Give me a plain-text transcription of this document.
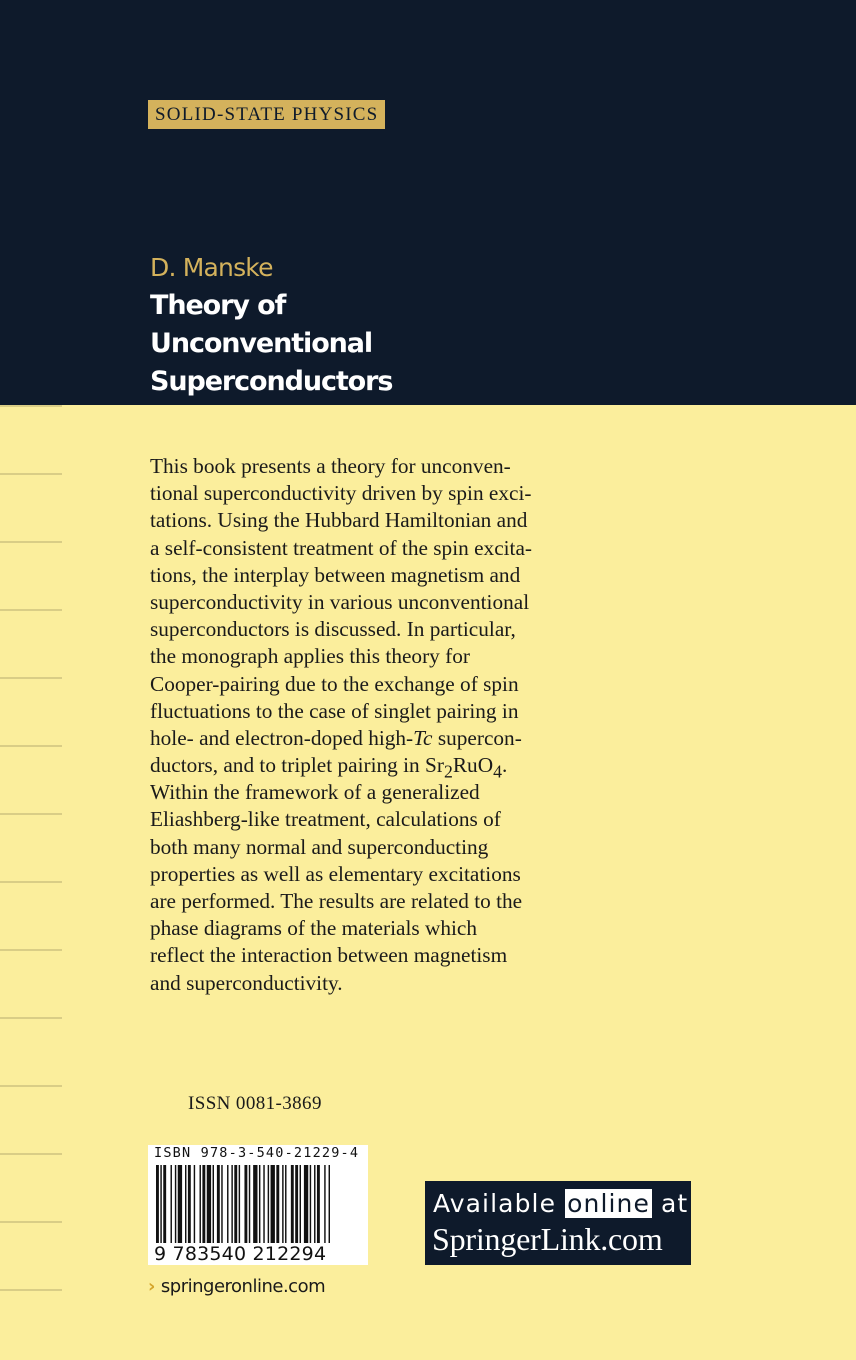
SOLID-STATE PHYSICS
D. Manske
Theory of
Unconventional
Superconductors
This book presents a theory for unconven-
tional superconductivity driven by spin exci-
tations. Using the Hubbard Hamiltonian and
a self-consistent treatment of the spin excita-
tions, the interplay between magnetism and
superconductivity in various unconventional
superconductors is discussed. In particular,
the monograph applies this theory for
Cooper-pairing due to the exchange of spin
fluctuations to the case of singlet pairing in
hole- and electron-doped high-Tc supercon-
ductors, and to triplet pairing in $Sr_2RuO_4$.
Within the framework of a generalized
Eliashberg-like treatment, calculations of
both many normal and superconducting
properties as well as elementary excitations
are performed. The results are related to the
phase diagrams of the materials which
reflect the interaction between magnetism
and superconductivity.
ISSN 0081-3869
ISBN 978-3-540-21229-4
9 783540 212294
› springeronline.com
Available online at
SpringerLink.com
